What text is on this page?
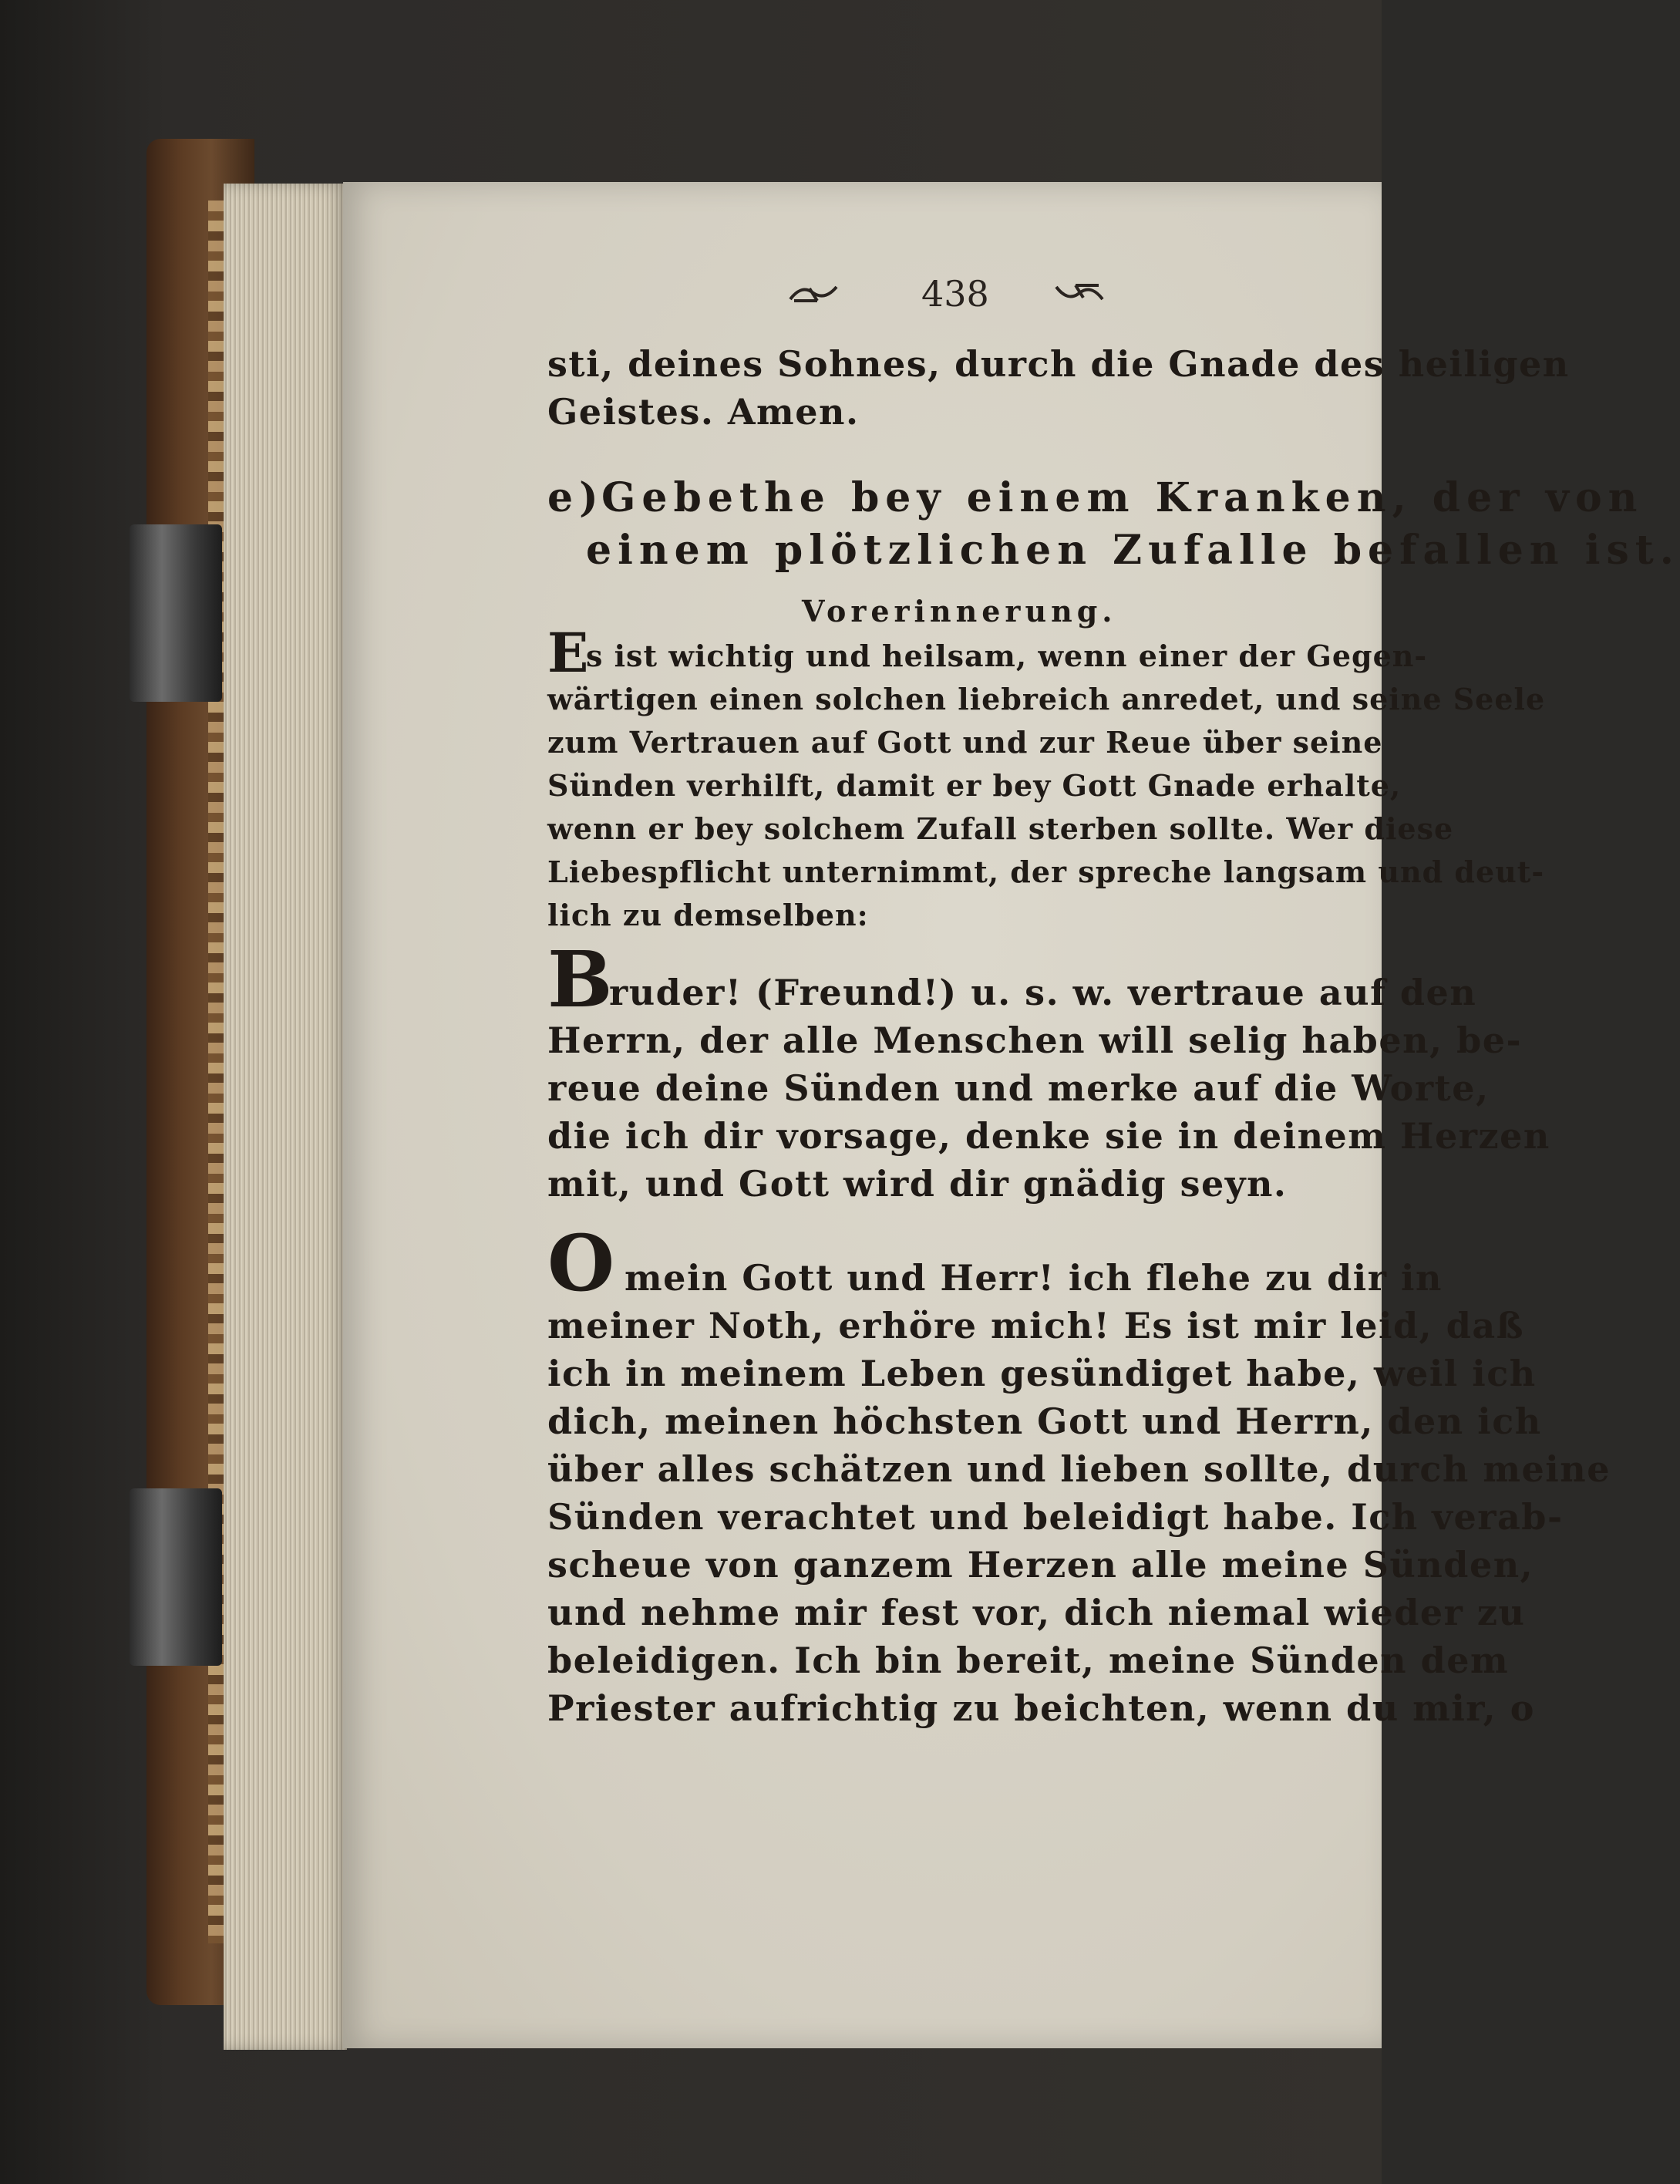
438
sti, deines Sohnes, durch die Gnade des heiligen
Geistes. Amen.
e)
Gebethe bey einem Kranken, der von
einem plötzlichen Zufalle befallen ist.
Vorerinnerung.
E
s ist wichtig und heilsam, wenn einer der Gegen-
wärtigen einen solchen liebreich anredet, und seine Seele
zum Vertrauen auf Gott und zur Reue über seine
Sünden verhilft, damit er bey Gott Gnade erhalte,
wenn er bey solchem Zufall sterben sollte. Wer diese
Liebespflicht unternimmt, der spreche langsam und deut-
lich zu demselben:
B
ruder! (Freund!) u. s. w. vertraue auf den
Herrn, der alle Menschen will selig haben, be-
reue deine Sünden und merke auf die Worte,
die ich dir vorsage, denke sie in deinem Herzen
mit, und Gott wird dir gnädig seyn.
O mein Gott und Herr! ich flehe zu dir in
meiner Noth, erhöre mich! Es ist mir leid, daß
ich in meinem Leben gesündiget habe, weil ich
dich, meinen höchsten Gott und Herrn, den ich
über alles schätzen und lieben sollte, durch meine
Sünden verachtet und beleidigt habe. Ich verab-
scheue von ganzem Herzen alle meine Sünden,
und nehme mir fest vor, dich niemal wieder zu
beleidigen. Ich bin bereit, meine Sünden dem
Priester aufrichtig zu beichten, wenn du mir, o
